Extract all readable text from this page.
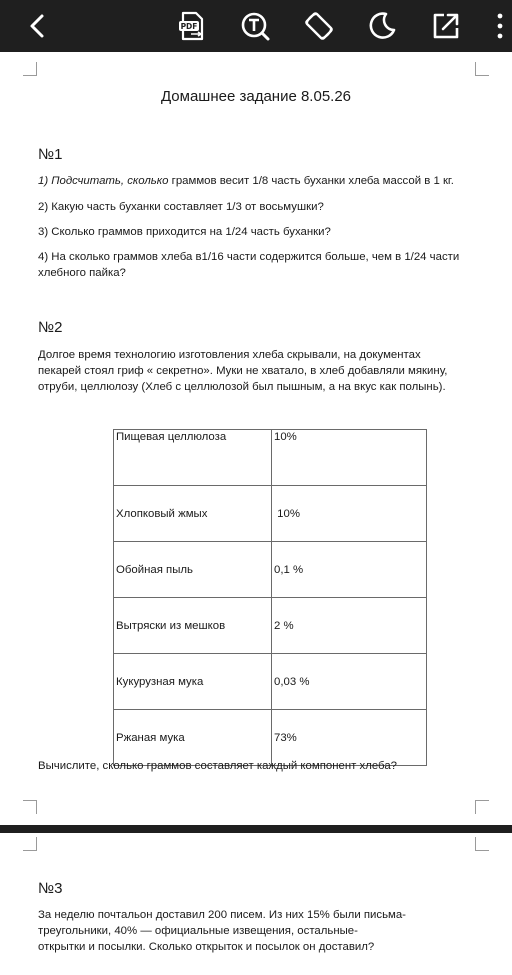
PDF
Домашнее задание 8.05.26
№1
1) Подсчитать, сколько граммов весит 1/8 часть буханки хлеба массой в 1 кг.
2) Какую часть буханки составляет 1/3 от восьмушки?
3) Сколько граммов приходится на 1/24 часть буханки?
4) На сколько граммов хлеба в1/16 части содержится больше, чем в 1/24 части
хлебного пайка?
№2
Долгое время технологию изготовления хлеба скрывали, на документах
пекарей стоял гриф « секретно». Муки не хватало, в хлеб добавляли мякину,
отруби, целлюлозу (Хлеб с целлюлозой был пышным, а на вкус как полынь).
Пищевая целлюлоза	10%
Хлопковый жмых	10%
Обойная пыль	0,1 %
Вытряски из мешков	2 %
Кукурузная мука	0,03 %
Ржаная мука	73%
Вычислите, сколько граммов составляет каждый компонент хлеба?
№3
За неделю почтальон доставил 200 писем. Из них 15% были письма-
треугольники, 40% — официальные извещения, остальные-
открытки и посылки. Сколько открыток и посылок он доставил?
